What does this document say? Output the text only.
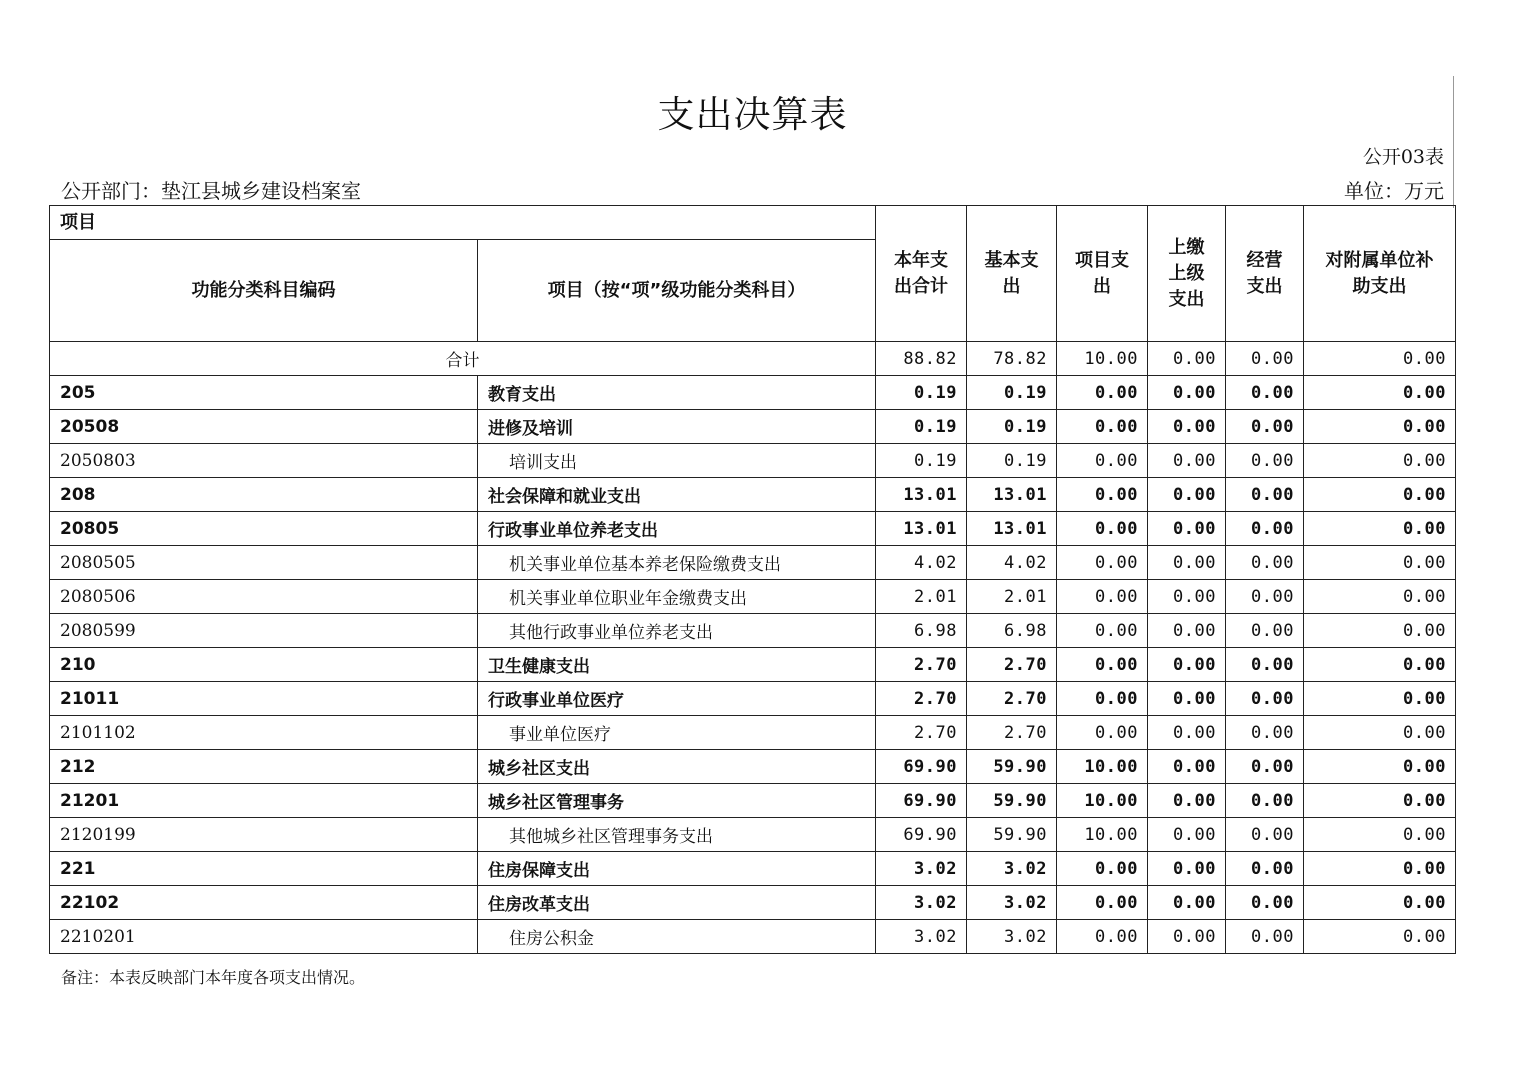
支出决算表
公开03表
公开部门：垫江县城乡建设档案室	单位：万元
项目		本年支出合计	基本支出	项目支出	上缴上级支出	经营支出	对附属单位补助支出

功能分类科目编码	项目（按“项”级功能分类科目）						
合计		88.82	78.82	10.00	0.00	0.00	0.00
205	教育支出	0.19	0.19	0.00	0.00	0.00	0.00
20508	进修及培训	0.19	0.19	0.00	0.00	0.00	0.00
2050803	培训支出	0.19	0.19	0.00	0.00	0.00	0.00
208	社会保障和就业支出	13.01	13.01	0.00	0.00	0.00	0.00
20805	行政事业单位养老支出	13.01	13.01	0.00	0.00	0.00	0.00
2080505	机关事业单位基本养老保险缴费支出	4.02	4.02	0.00	0.00	0.00	0.00
2080506	机关事业单位职业年金缴费支出	2.01	2.01	0.00	0.00	0.00	0.00
2080599	其他行政事业单位养老支出	6.98	6.98	0.00	0.00	0.00	0.00
210	卫生健康支出	2.70	2.70	0.00	0.00	0.00	0.00
21011	行政事业单位医疗	2.70	2.70	0.00	0.00	0.00	0.00
2101102	事业单位医疗	2.70	2.70	0.00	0.00	0.00	0.00
212	城乡社区支出	69.90	59.90	10.00	0.00	0.00	0.00
21201	城乡社区管理事务	69.90	59.90	10.00	0.00	0.00	0.00
2120199	其他城乡社区管理事务支出	69.90	59.90	10.00	0.00	0.00	0.00
221	住房保障支出	3.02	3.02	0.00	0.00	0.00	0.00
22102	住房改革支出	3.02	3.02	0.00	0.00	0.00	0.00
2210201	住房公积金	3.02	3.02	0.00	0.00	0.00	0.00
备注：本表反映部门本年度各项支出情况。
